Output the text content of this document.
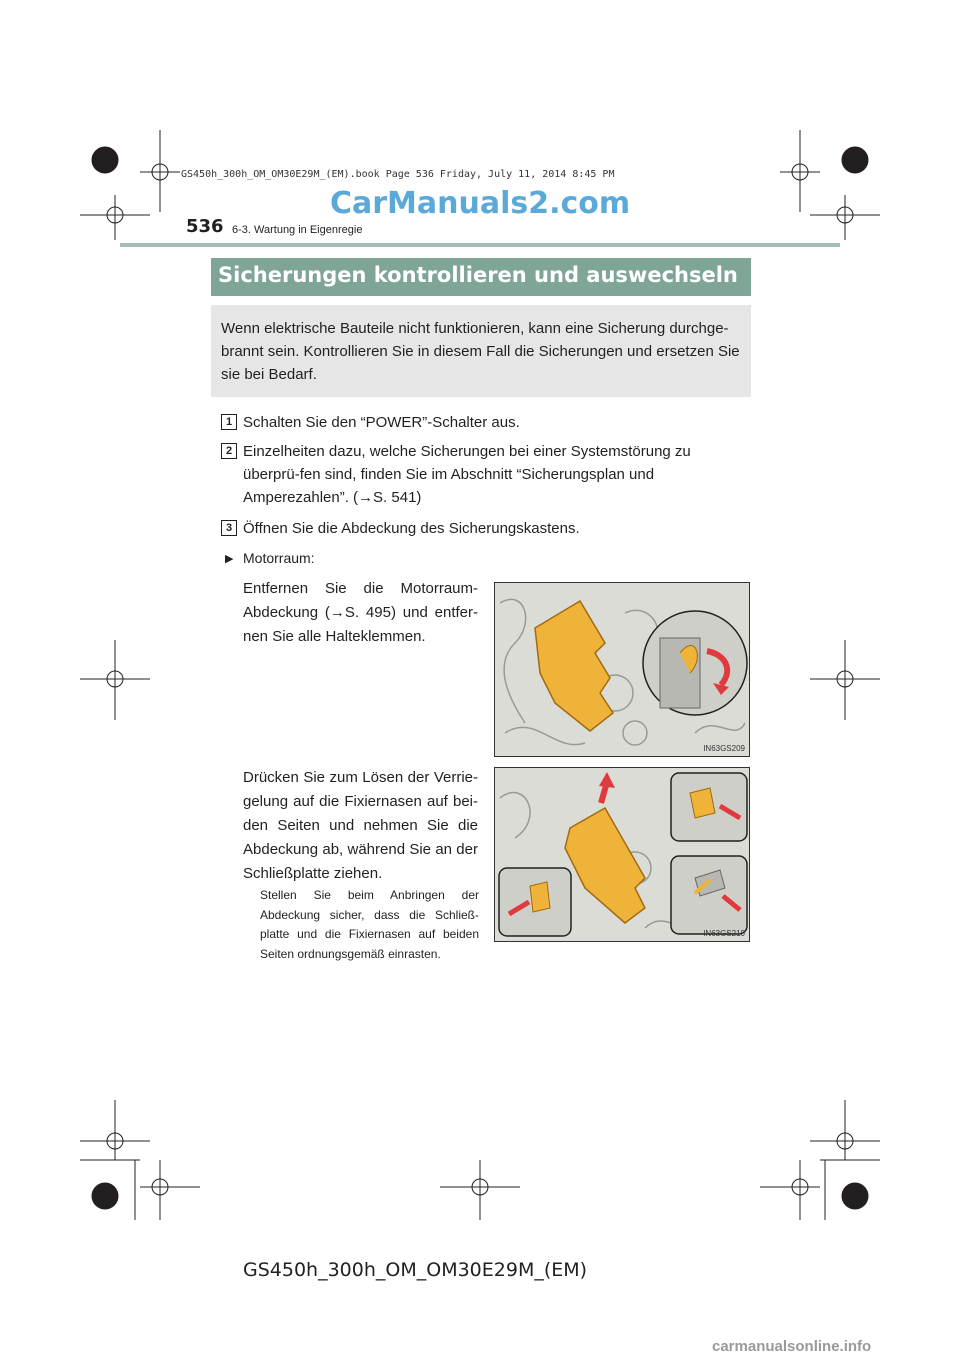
GS450h_300h_OM_OM30E29M_(EM).book Page 536 Friday, July 11, 2014 8:45 PM
CarManuals2.com
536 6-3. Wartung in Eigenregie
Sicherungen kontrollieren und auswechseln
Wenn elektrische Bauteile nicht funktionieren, kann eine Sicherung durchge-brannt sein. Kontrollieren Sie in diesem Fall die Sicherungen und ersetzen Sie sie bei Bedarf.
1 Schalten Sie den “POWER”-Schalter aus.
2 Einzelheiten dazu, welche Sicherungen bei einer Systemstörung zu überprü-fen sind, finden Sie im Abschnitt “Sicherungsplan und Amperezahlen”. (→S. 541)
3 Öffnen Sie die Abdeckung des Sicherungskastens.
▶ Motorraum:
Entfernen Sie die Motorraum-Abdeckung (→S. 495) und entfer-nen Sie alle Halteklemmen.
Drücken Sie zum Lösen der Verrie-gelung auf die Fixiernasen auf bei-den Seiten und nehmen Sie die Abdeckung ab, während Sie an der Schließplatte ziehen.
Stellen Sie beim Anbringen der Abdeckung sicher, dass die Schließ-platte und die Fixiernasen auf beiden Seiten ordnungsgemäß einrasten.
IN63GS209
IN63GS210
GS450h_300h_OM_OM30E29M_(EM)
carmanualsonline.info
